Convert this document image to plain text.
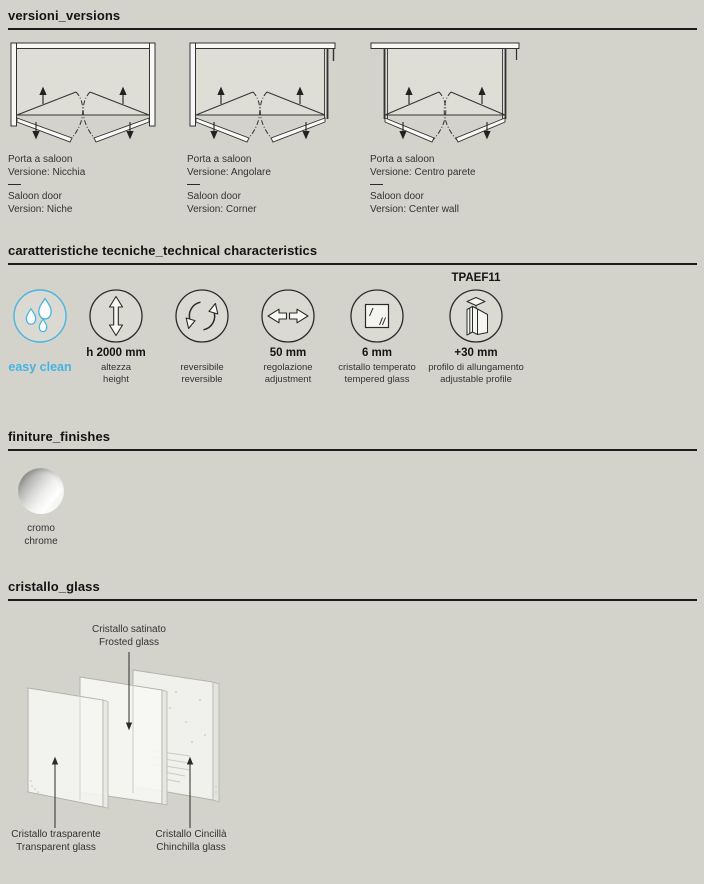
versioni_versions
Porta a saloon
Versione: Nicchia
Saloon door
Version: Niche
Porta a saloon
Versione: Angolare
Saloon door
Version: Corner
Porta a saloon
Versione: Centro parete
Saloon door
Version: Center wall
caratteristiche tecniche_technical characteristics
easy clean
h 2000 mm
altezza
height
reversibile
reversible
50 mm
regolazione
adjustment
6 mm
cristallo temperato
tempered glass
TPAEF11
+30 mm
profilo di allungamento
adjustable profile
finiture_finishes
cromo
chrome
cristallo_glass
Cristallo satinato
Frosted glass
Cristallo trasparente
Transparent glass
Cristallo Cincillà
Chinchilla glass
